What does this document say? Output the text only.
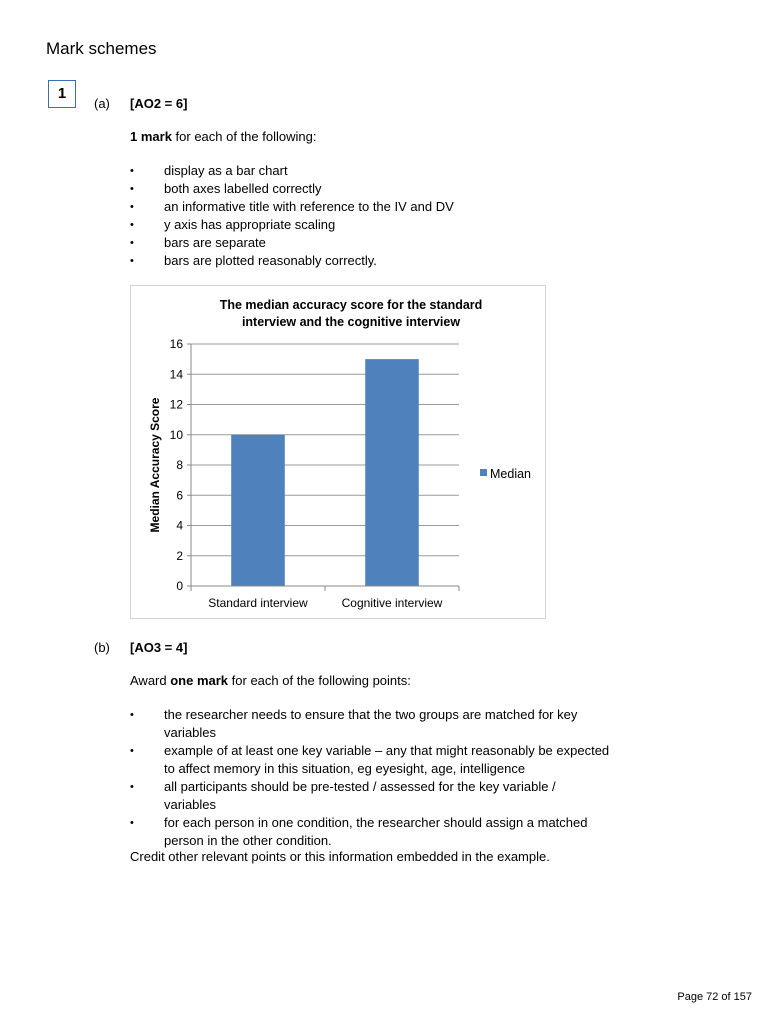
Mark schemes
1
(a) [AO2 = 6]
1 mark for each of the following:
• display as a bar chart
• both axes labelled correctly
• an informative title with reference to the IV and DV
• y axis has appropriate scaling
• bars are separate
• bars are plotted reasonably correctly.
The median accuracy score for the standard
interview and the cognitive interview
Median Accuracy Score
0
2
4
6
8
10
12
14
16
Standard interview	Cognitive interview
Median
(b) [AO3 = 4]
Award one mark for each of the following points:
• the researcher needs to ensure that the two groups are matched for key variables
• example of at least one key variable – any that might reasonably be expected to affect memory in this situation, eg eyesight, age, intelligence
• all participants should be pre-tested / assessed for the key variable / variables
• for each person in one condition, the researcher should assign a matched person in the other condition.
Credit other relevant points or this information embedded in the example.
Page 72 of 157
